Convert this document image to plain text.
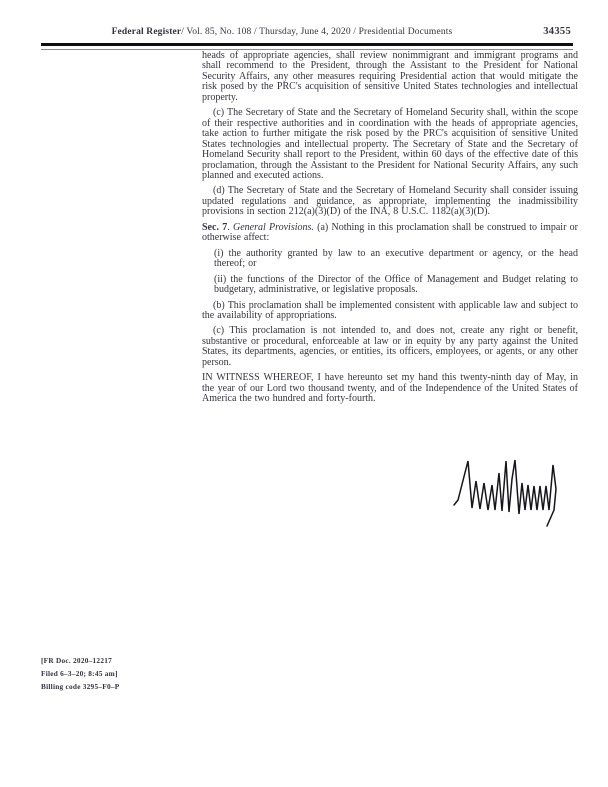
Federal Register/ Vol. 85, No. 108 / Thursday, June 4, 2020 / Presidential Documents	34355

heads of appropriate agencies, shall review nonimmigrant and immigrant programs and shall recommend to the President, through the Assistant to the President for National Security Affairs, any other measures requiring Presidential action that would mitigate the risk posed by the PRC's acquisition of sensitive United States technologies and intellectual property.

(c) The Secretary of State and the Secretary of Homeland Security shall, within the scope of their respective authorities and in coordination with the heads of appropriate agencies, take action to further mitigate the risk posed by the PRC's acquisition of sensitive United States technologies and intellectual property. The Secretary of State and the Secretary of Homeland Security shall report to the President, within 60 days of the effective date of this proclamation, through the Assistant to the President for National Security Affairs, any such planned and executed actions.

(d) The Secretary of State and the Secretary of Homeland Security shall consider issuing updated regulations and guidance, as appropriate, implementing the inadmissibility provisions in section 212(a)(3)(D) of the INA, 8 U.S.C. 1182(a)(3)(D).

Sec. 7. General Provisions. (a) Nothing in this proclamation shall be construed to impair or otherwise affect:

(i) the authority granted by law to an executive department or agency, or the head thereof; or

(ii) the functions of the Director of the Office of Management and Budget relating to budgetary, administrative, or legislative proposals.

(b) This proclamation shall be implemented consistent with applicable law and subject to the availability of appropriations.

(c) This proclamation is not intended to, and does not, create any right or benefit, substantive or procedural, enforceable at law or in equity by any party against the United States, its departments, agencies, or entities, its officers, employees, or agents, or any other person.

IN WITNESS WHEREOF, I have hereunto set my hand this twenty-ninth day of May, in the year of our Lord two thousand twenty, and of the Independence of the United States of America the two hundred and forty-fourth.

[FR Doc. 2020–12217
Filed 6–3–20; 8:45 am]
Billing code 3295–F0–P
